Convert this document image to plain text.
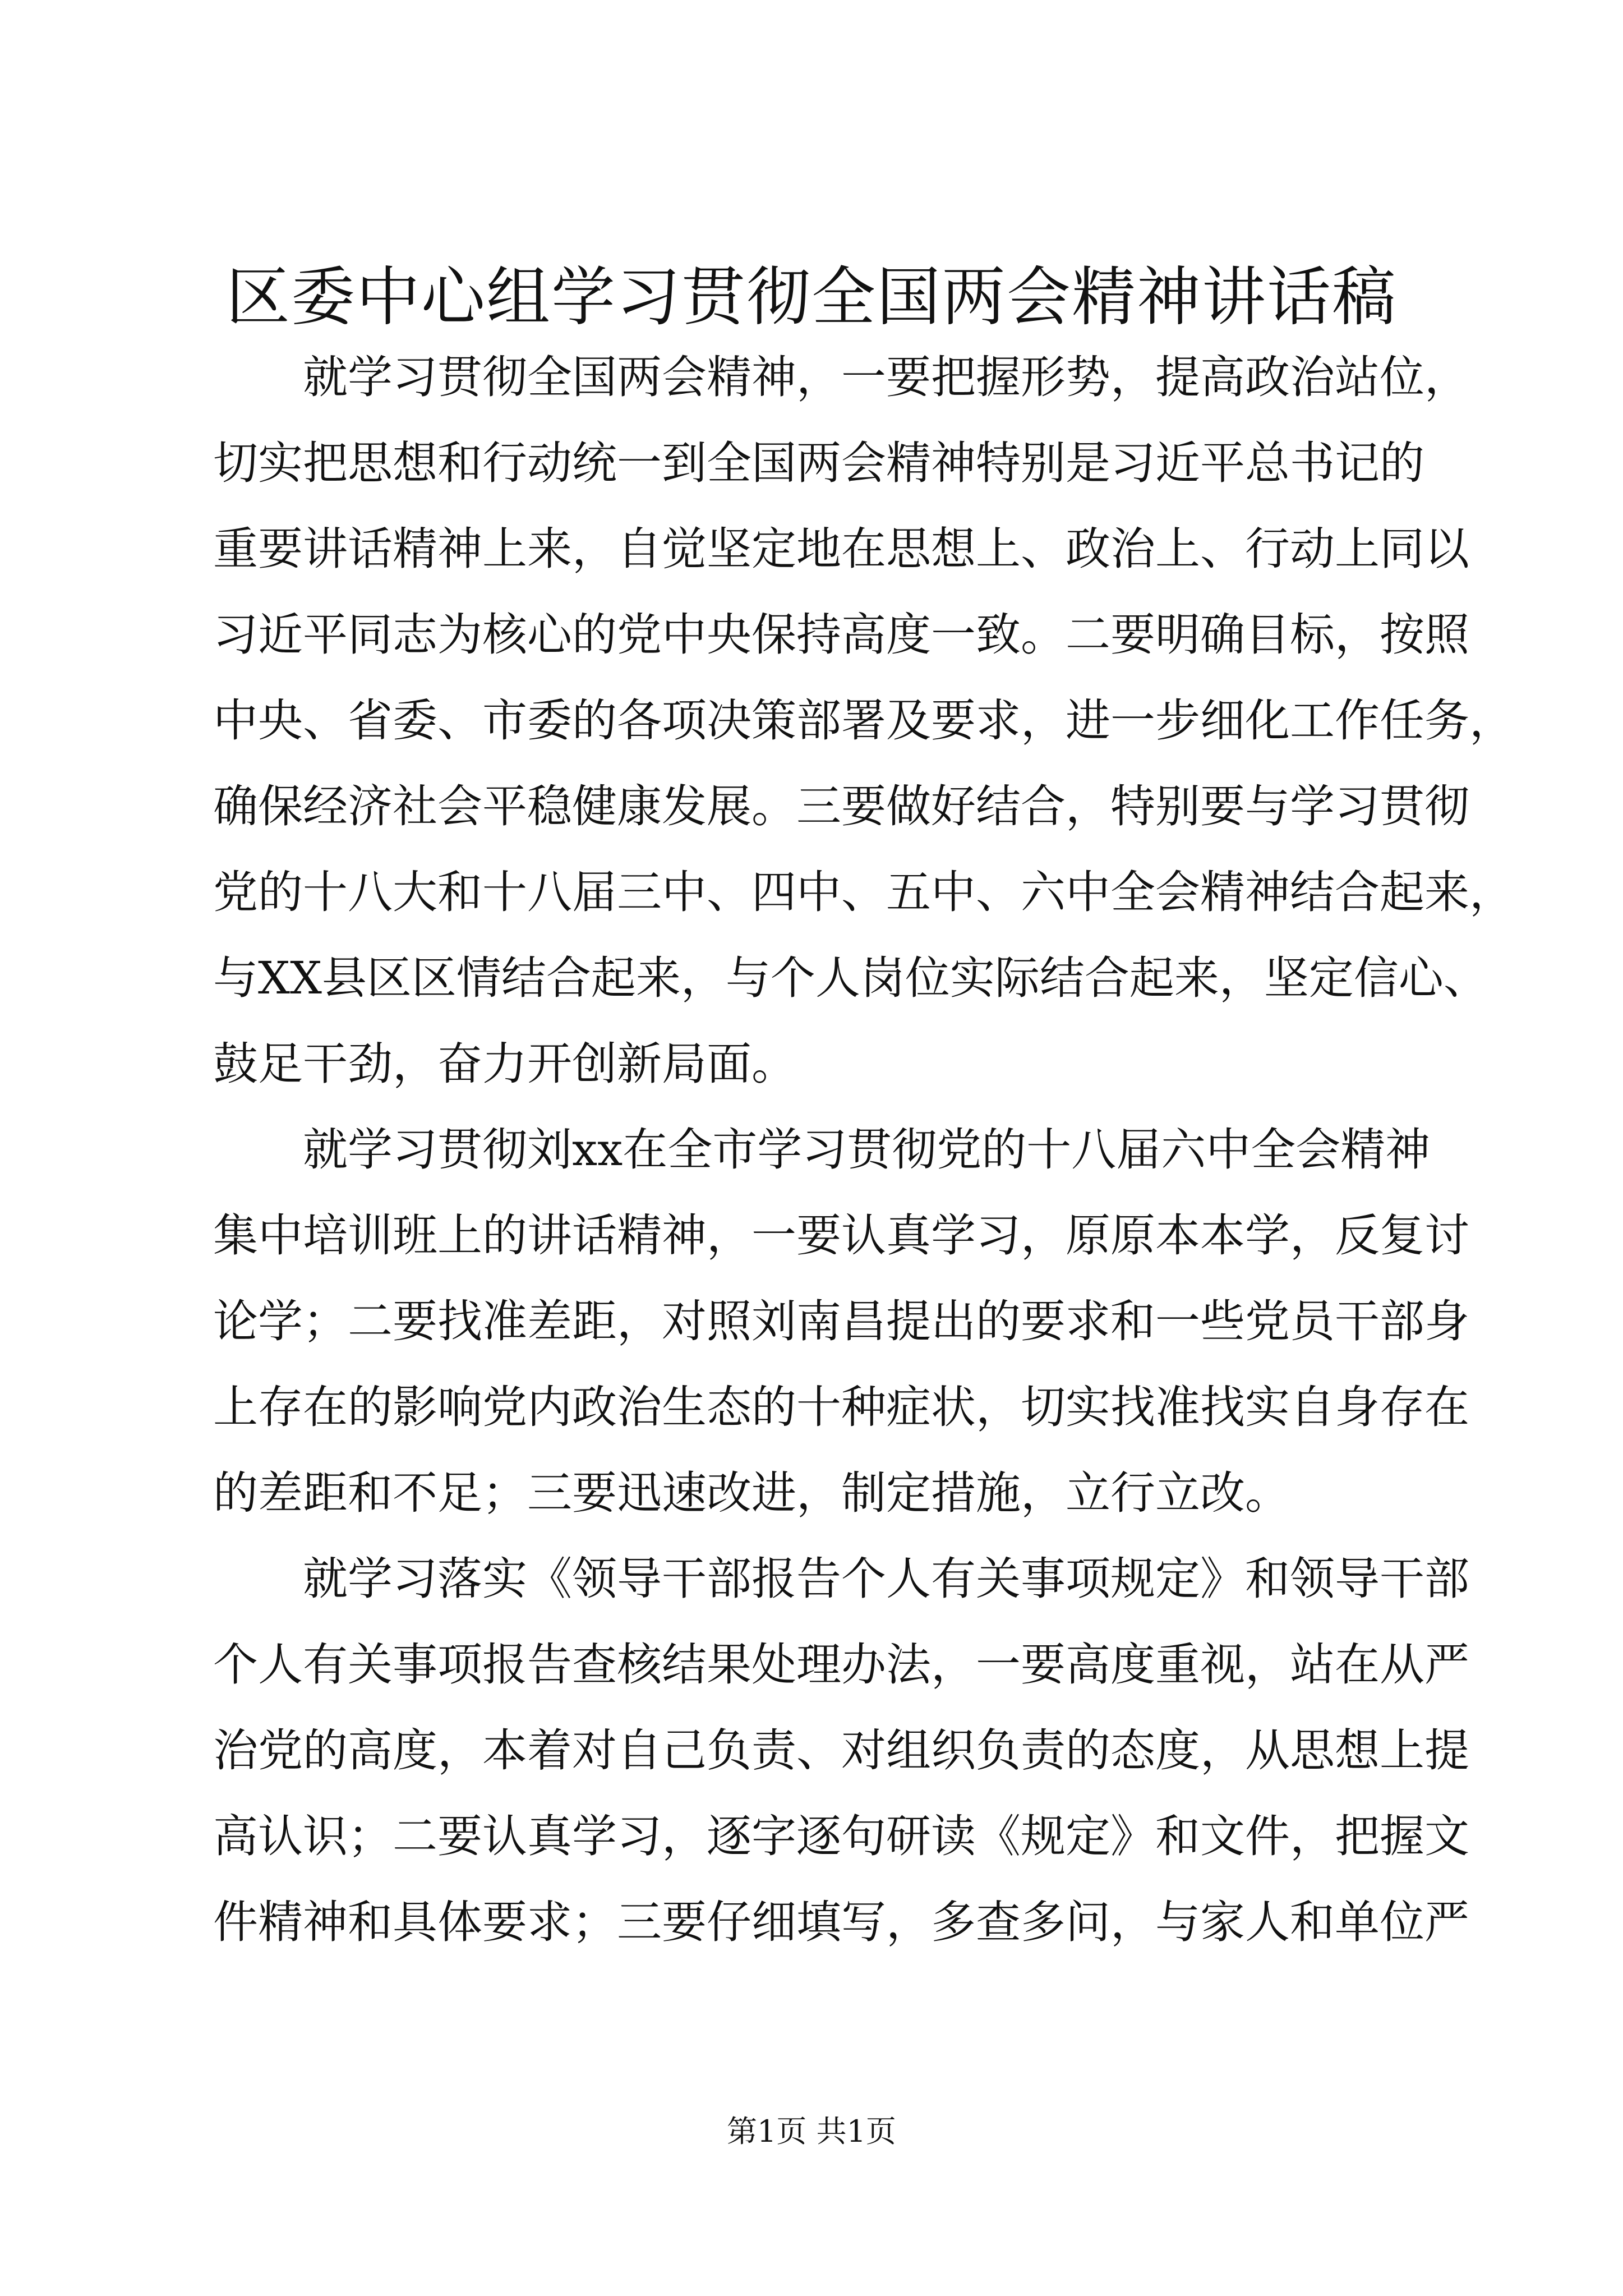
区委中心组学习贯彻全国两会精神讲话稿
就学习贯彻全国两会精神，一要把握形势，提高政治站位，
切实把思想和行动统一到全国两会精神特别是习近平总书记的
重要讲话精神上来，自觉坚定地在思想上、政治上、行动上同以
习近平同志为核心的党中央保持高度一致。二要明确目标，按照
中央、省委、市委的各项决策部署及要求，进一步细化工作任务，
确保经济社会平稳健康发展。三要做好结合，特别要与学习贯彻
党的十八大和十八届三中、四中、五中、六中全会精神结合起来，
与XX县区区情结合起来，与个人岗位实际结合起来，坚定信心、
鼓足干劲，奋力开创新局面。
就学习贯彻刘xx在全市学习贯彻党的十八届六中全会精神
集中培训班上的讲话精神，一要认真学习，原原本本学，反复讨
论学；二要找准差距，对照刘南昌提出的要求和一些党员干部身
上存在的影响党内政治生态的十种症状，切实找准找实自身存在
的差距和不足；三要迅速改进，制定措施，立行立改。
就学习落实《领导干部报告个人有关事项规定》和领导干部
个人有关事项报告查核结果处理办法，一要高度重视，站在从严
治党的高度，本着对自己负责、对组织负责的态度，从思想上提
高认识；二要认真学习，逐字逐句研读《规定》和文件，把握文
件精神和具体要求；三要仔细填写，多查多问，与家人和单位严
第1页 共1页
